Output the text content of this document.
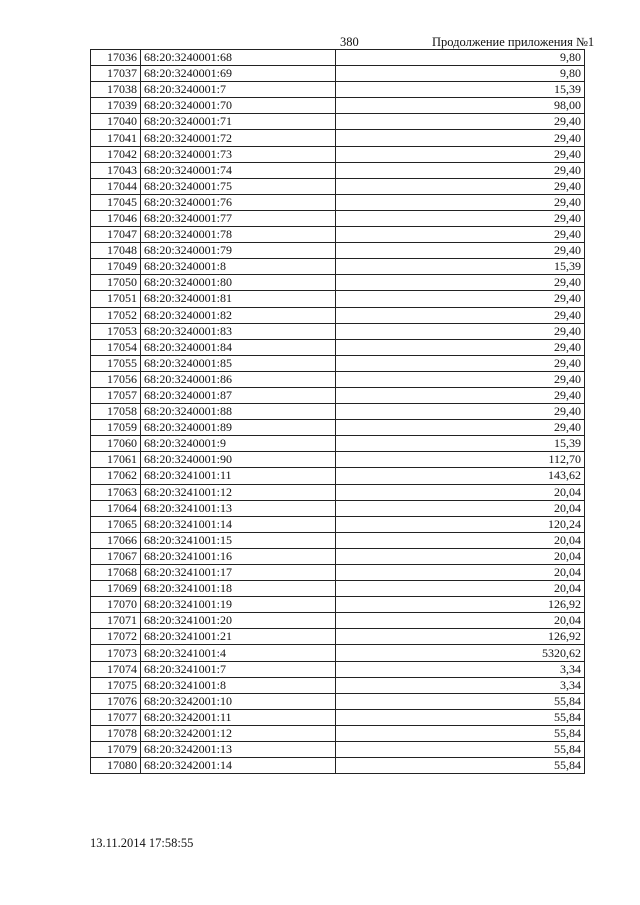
380	Продолжение приложения №1
17036	68:20:3240001:68	9,80
17037	68:20:3240001:69	9,80
17038	68:20:3240001:7	15,39
17039	68:20:3240001:70	98,00
17040	68:20:3240001:71	29,40
17041	68:20:3240001:72	29,40
17042	68:20:3240001:73	29,40
17043	68:20:3240001:74	29,40
17044	68:20:3240001:75	29,40
17045	68:20:3240001:76	29,40
17046	68:20:3240001:77	29,40
17047	68:20:3240001:78	29,40
17048	68:20:3240001:79	29,40
17049	68:20:3240001:8	15,39
17050	68:20:3240001:80	29,40
17051	68:20:3240001:81	29,40
17052	68:20:3240001:82	29,40
17053	68:20:3240001:83	29,40
17054	68:20:3240001:84	29,40
17055	68:20:3240001:85	29,40
17056	68:20:3240001:86	29,40
17057	68:20:3240001:87	29,40
17058	68:20:3240001:88	29,40
17059	68:20:3240001:89	29,40
17060	68:20:3240001:9	15,39
17061	68:20:3240001:90	112,70
17062	68:20:3241001:11	143,62
17063	68:20:3241001:12	20,04
17064	68:20:3241001:13	20,04
17065	68:20:3241001:14	120,24
17066	68:20:3241001:15	20,04
17067	68:20:3241001:16	20,04
17068	68:20:3241001:17	20,04
17069	68:20:3241001:18	20,04
17070	68:20:3241001:19	126,92
17071	68:20:3241001:20	20,04
17072	68:20:3241001:21	126,92
17073	68:20:3241001:4	5320,62
17074	68:20:3241001:7	3,34
17075	68:20:3241001:8	3,34
17076	68:20:3242001:10	55,84
17077	68:20:3242001:11	55,84
17078	68:20:3242001:12	55,84
17079	68:20:3242001:13	55,84
17080	68:20:3242001:14	55,84
13.11.2014 17:58:55
